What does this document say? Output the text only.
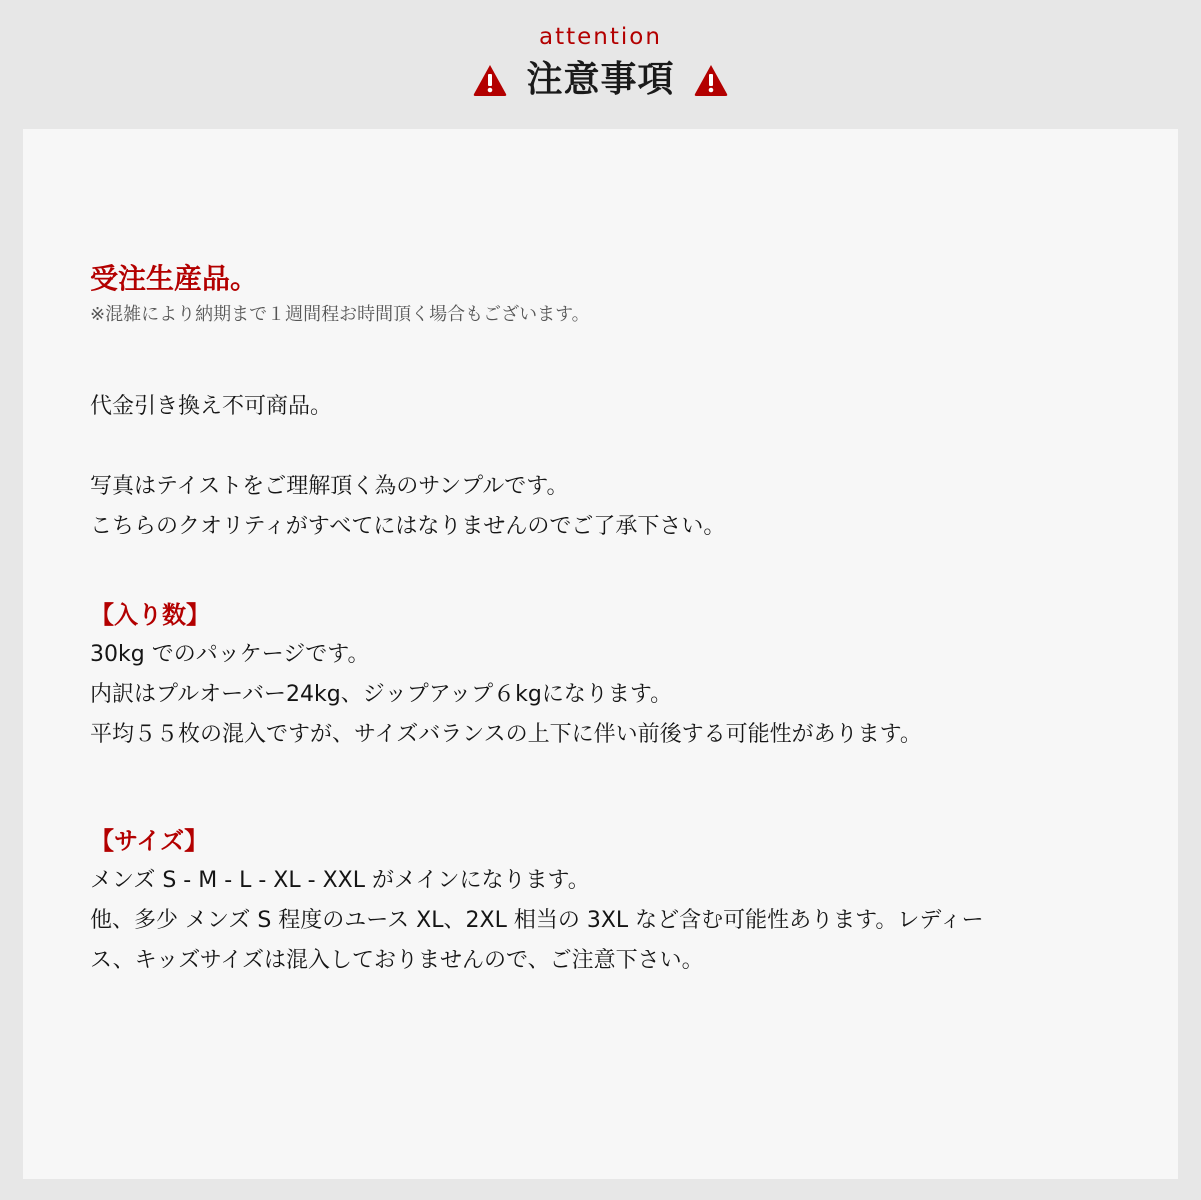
attention
注意事項
受注生産品。
※混雑により納期まで１週間程お時間頂く場合もございます。
代金引き換え不可商品。
写真はテイストをご理解頂く為のサンプルです。
こちらのクオリティがすべてにはなりませんのでご了承下さい。
【入り数】
30kg でのパッケージです。
内訳はプルオーバー24kg、ジップアップ６kgになります。
平均５５枚の混入ですが、サイズバランスの上下に伴い前後する可能性があります。
【サイズ】
メンズ S - M - L - XL - XXL がメインになります。
他、多少 メンズ S 程度のユース XL、2XL 相当の 3XL など含む可能性あります。レディー
ス、キッズサイズは混入しておりませんので、ご注意下さい。
